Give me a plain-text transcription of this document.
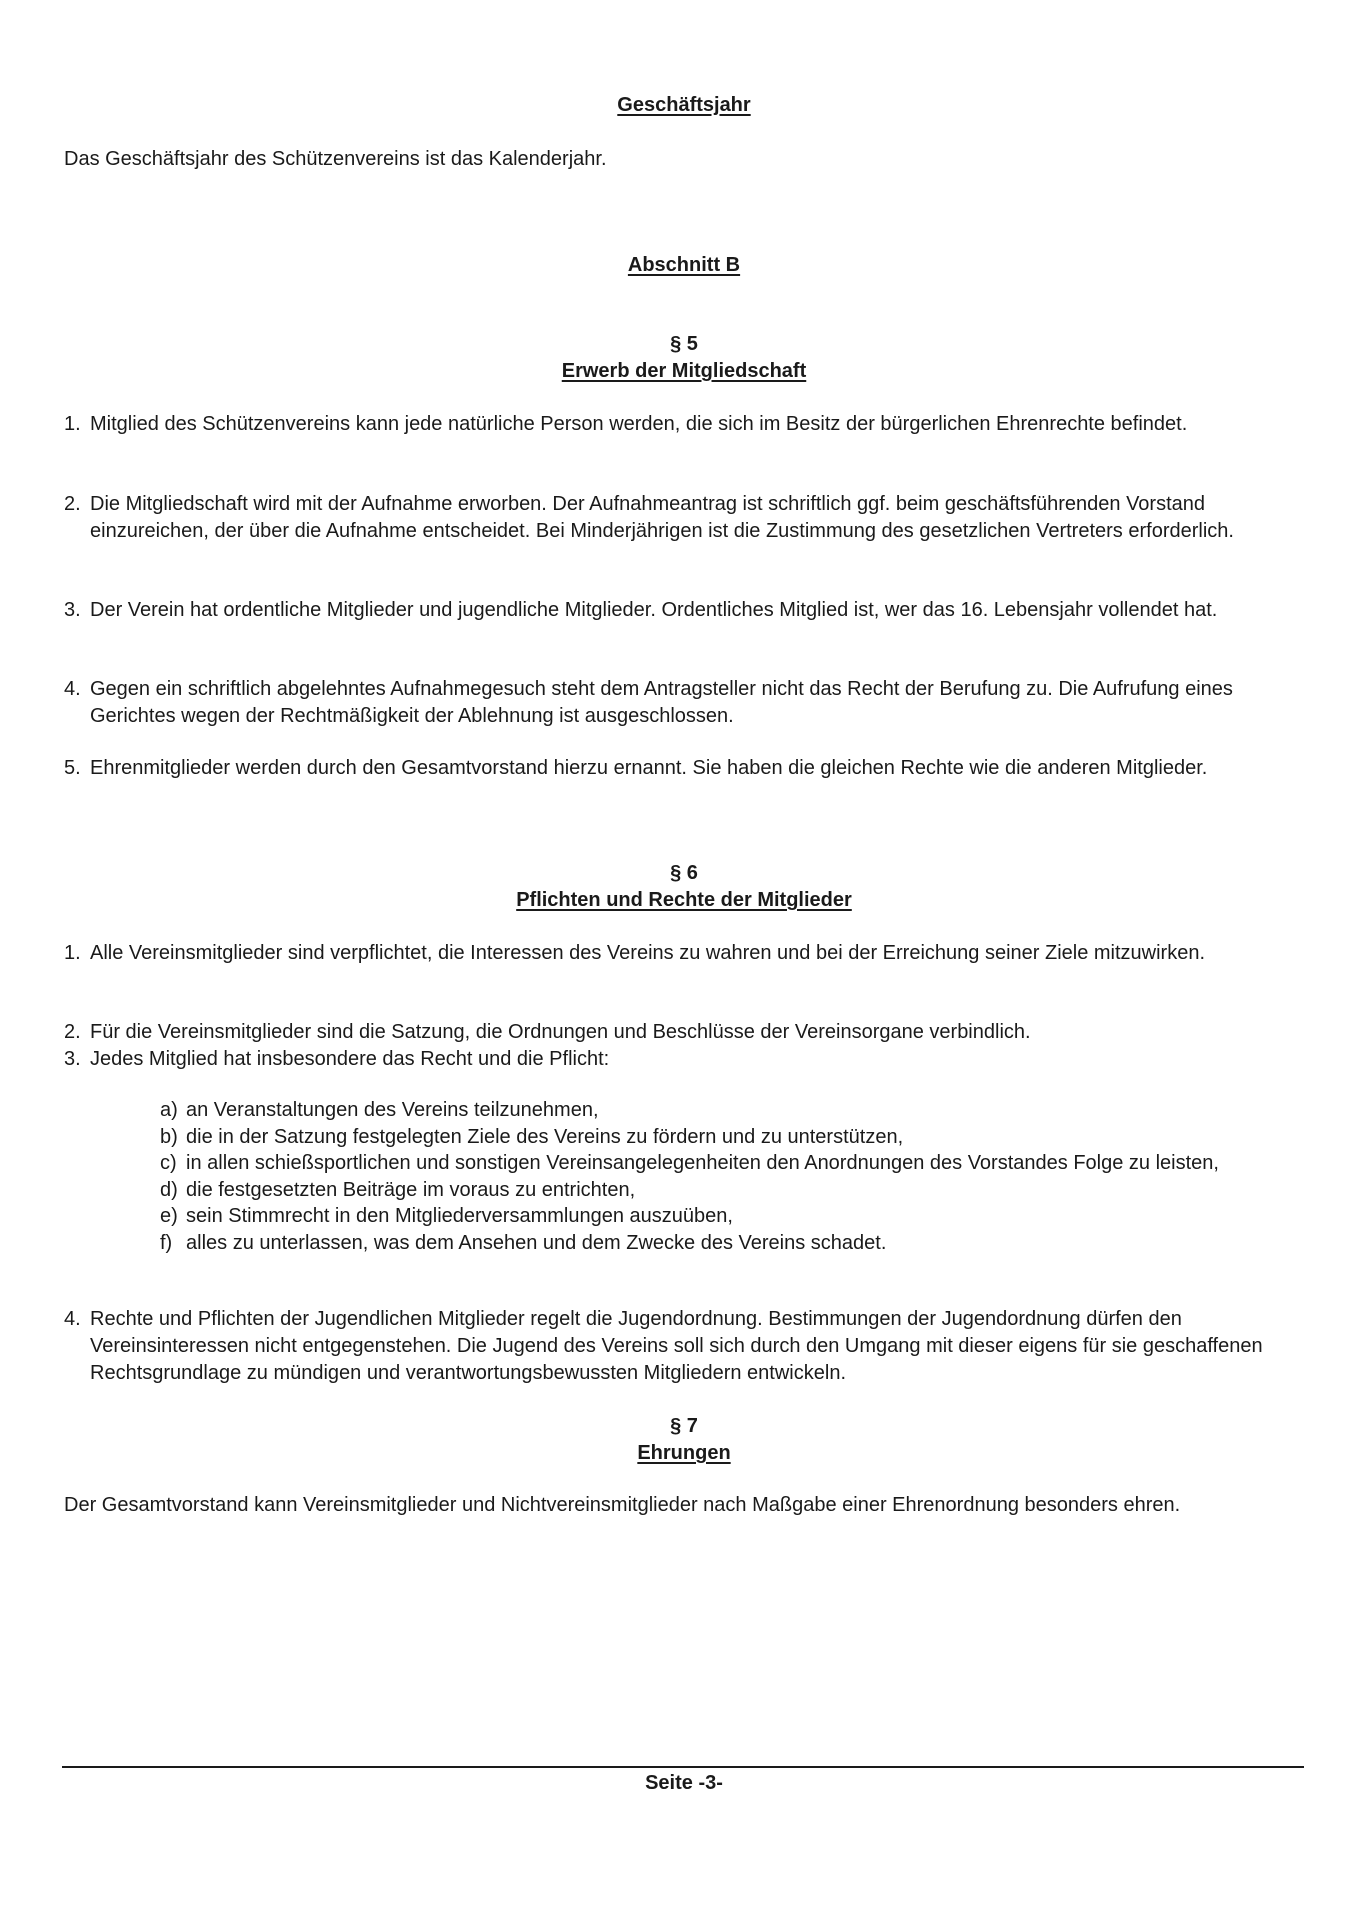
Geschäftsjahr
Das Geschäftsjahr des Schützenvereins ist das Kalenderjahr.
Abschnitt B
§ 5
Erwerb der Mitgliedschaft
1. Mitglied des Schützenvereins kann jede natürliche Person werden, die sich im Besitz der bürgerlichen Ehrenrechte befindet.
2. Die Mitgliedschaft wird mit der Aufnahme erworben. Der Aufnahmeantrag ist schriftlich ggf. beim geschäftsführenden Vorstand einzureichen, der über die Aufnahme entscheidet. Bei Minderjährigen ist die Zustimmung des gesetzlichen Vertreters erforderlich.
3. Der Verein hat ordentliche Mitglieder und jugendliche Mitglieder. Ordentliches Mitglied ist, wer das 16. Lebensjahr vollendet hat.
4. Gegen ein schriftlich abgelehntes Aufnahmegesuch steht dem Antragsteller nicht das Recht der Berufung zu. Die Aufrufung eines Gerichtes wegen der Rechtmäßigkeit der Ablehnung ist ausgeschlossen.
5. Ehrenmitglieder werden durch den Gesamtvorstand hierzu ernannt. Sie haben die gleichen Rechte wie die anderen Mitglieder.
§ 6
Pflichten und Rechte der Mitglieder
1. Alle Vereinsmitglieder sind verpflichtet, die Interessen des Vereins zu wahren und bei der Erreichung seiner Ziele mitzuwirken.
2. Für die Vereinsmitglieder sind die Satzung, die Ordnungen und Beschlüsse der Vereinsorgane verbindlich.
3. Jedes Mitglied hat insbesondere das Recht und die Pflicht:
a) an Veranstaltungen des Vereins teilzunehmen,
b) die in der Satzung festgelegten Ziele des Vereins zu fördern und zu unterstützen,
c) in allen schießsportlichen und sonstigen Vereinsangelegenheiten den Anordnungen des Vorstandes Folge zu leisten,
d) die festgesetzten Beiträge im voraus zu entrichten,
e) sein Stimmrecht in den Mitgliederversammlungen auszuüben,
f) alles zu unterlassen, was dem Ansehen und dem Zwecke des Vereins schadet.
4. Rechte und Pflichten der Jugendlichen Mitglieder regelt die Jugendordnung. Bestimmungen der Jugendordnung dürfen den Vereinsinteressen nicht entgegenstehen. Die Jugend des Vereins soll sich durch den Umgang mit dieser eigens für sie geschaffenen Rechtsgrundlage zu mündigen und verantwortungsbewussten Mitgliedern entwickeln.
§ 7
Ehrungen
Der Gesamtvorstand kann Vereinsmitglieder und Nichtvereinsmitglieder nach Maßgabe einer Ehrenordnung besonders ehren.
Seite -3-
